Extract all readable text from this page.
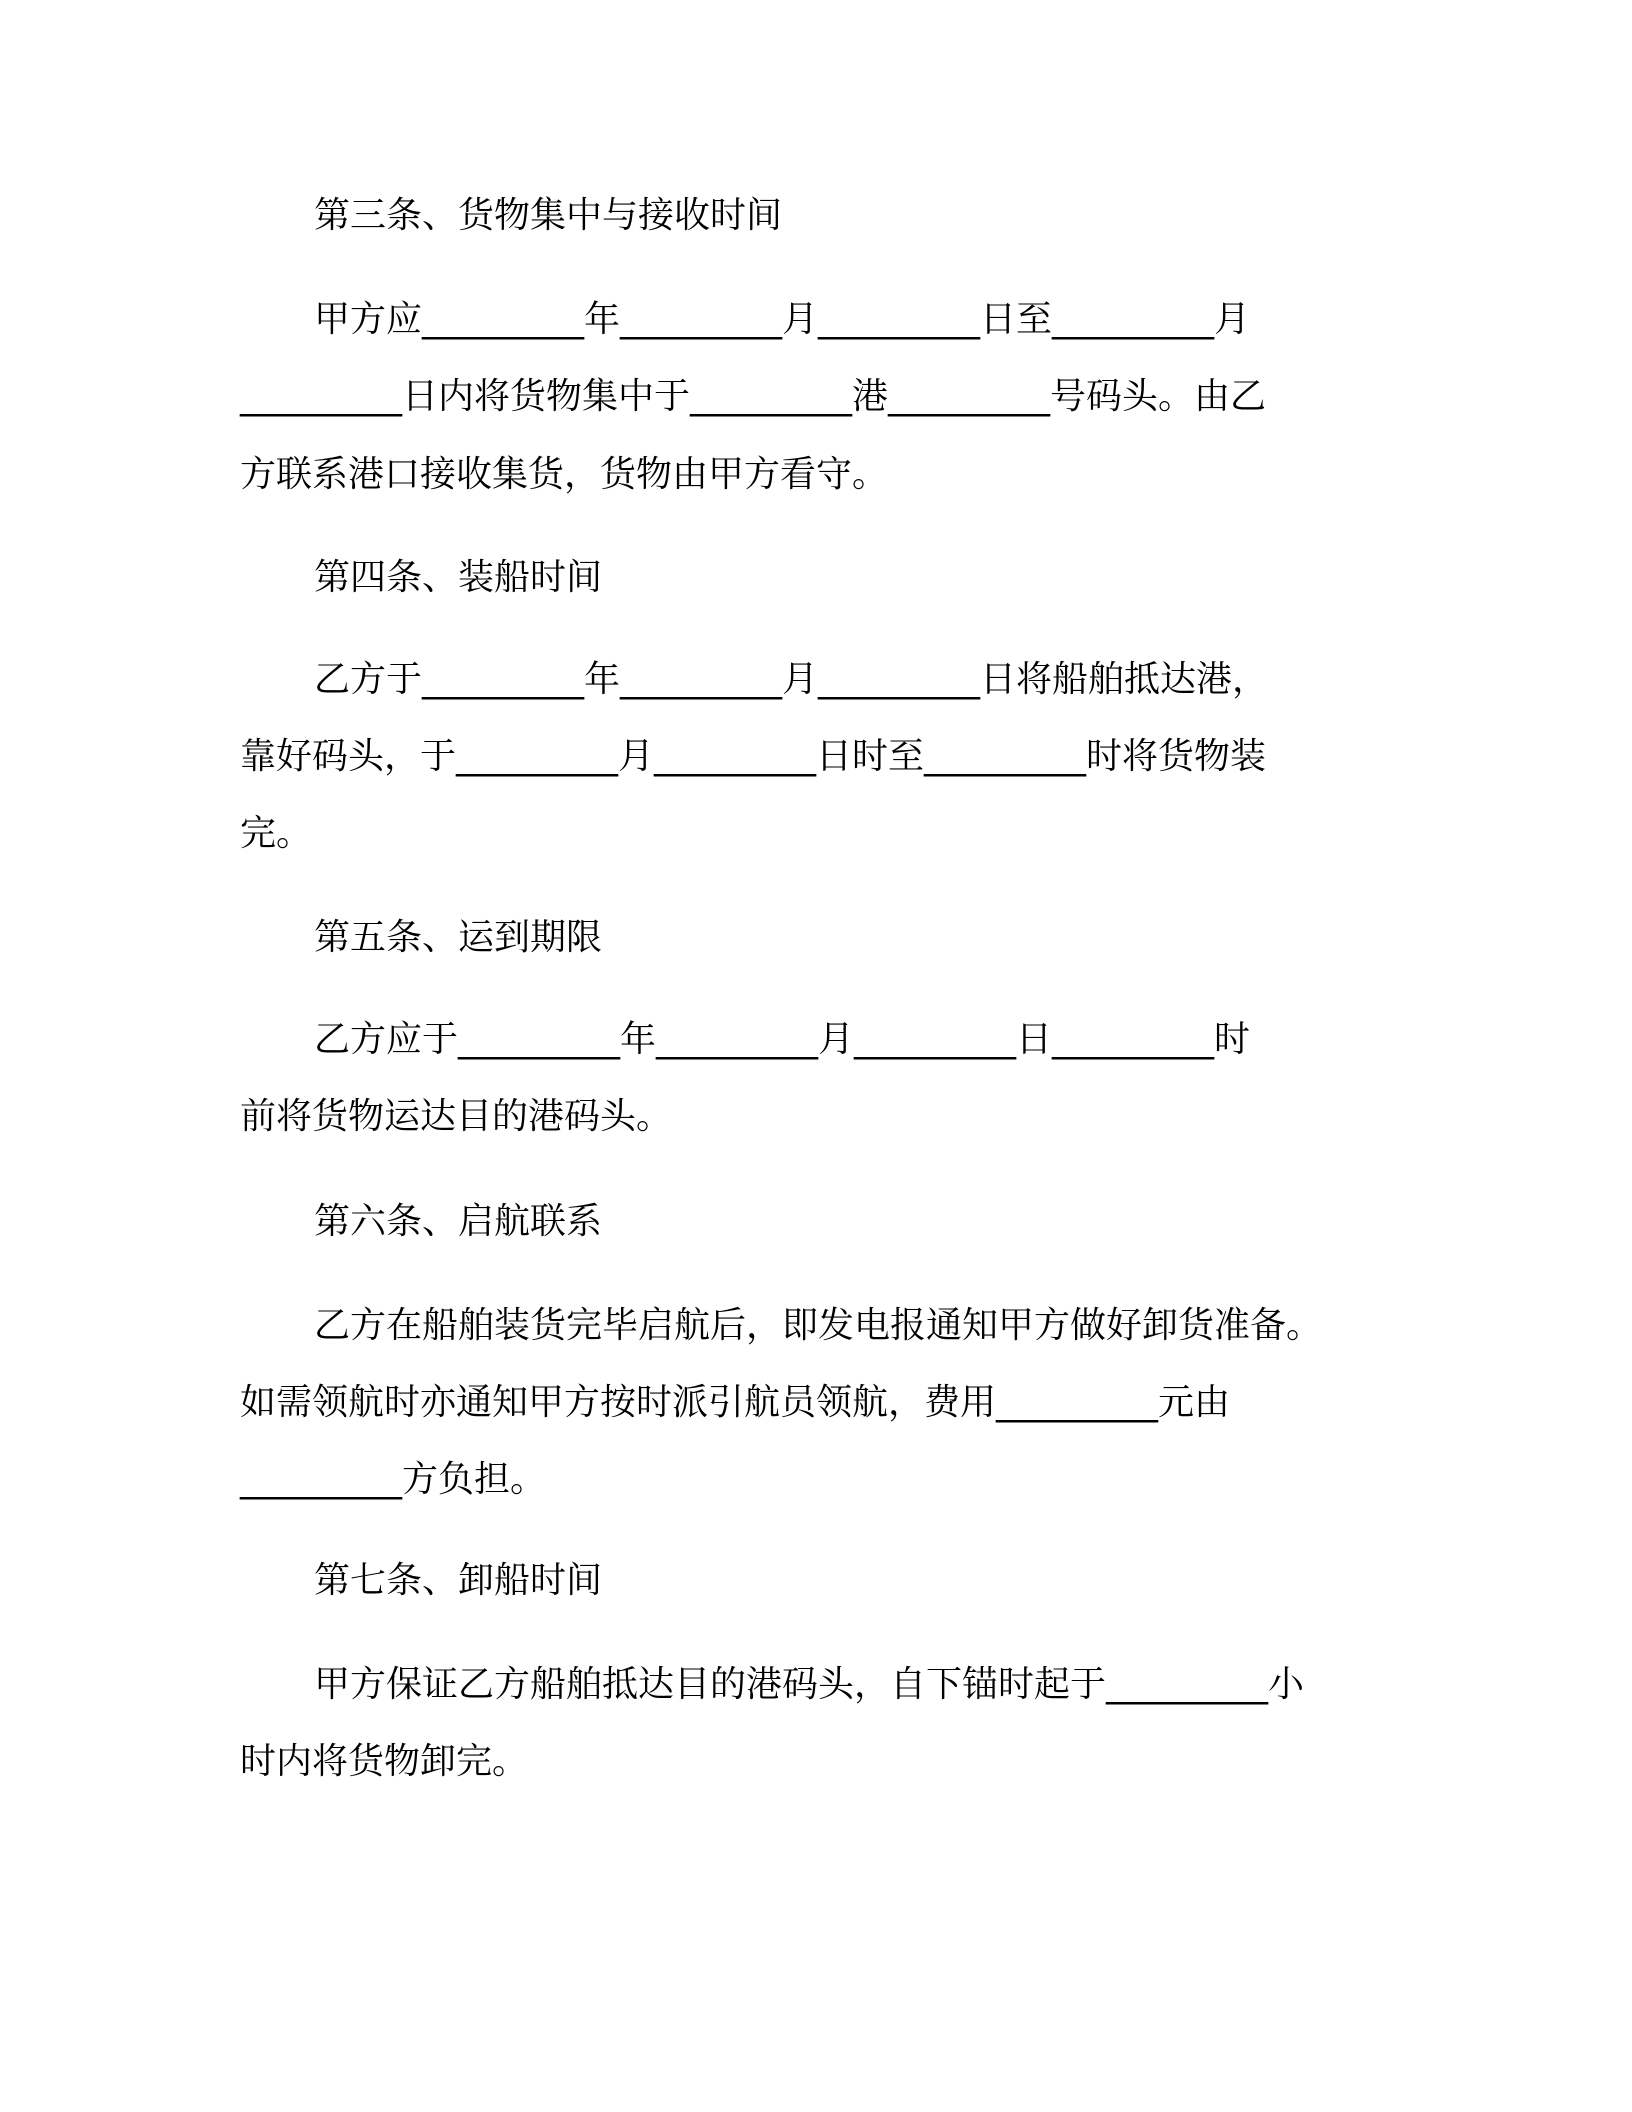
第三条、货物集中与接收时间
甲方应_________年_________月_________日至_________月
_________日内将货物集中于_________港_________号码头。由乙
方联系港口接收集货，货物由甲方看守。
第四条、装船时间
乙方于_________年_________月_________日将船舶抵达港，
靠好码头，于_________月_________日时至_________时将货物装
完。
第五条、运到期限
乙方应于_________年_________月_________日_________时
前将货物运达目的港码头。
第六条、启航联系
乙方在船舶装货完毕启航后，即发电报通知甲方做好卸货准备。
如需领航时亦通知甲方按时派引航员领航，费用_________元由
_________方负担。
第七条、卸船时间
甲方保证乙方船舶抵达目的港码头，自下锚时起于_________小
时内将货物卸完。
